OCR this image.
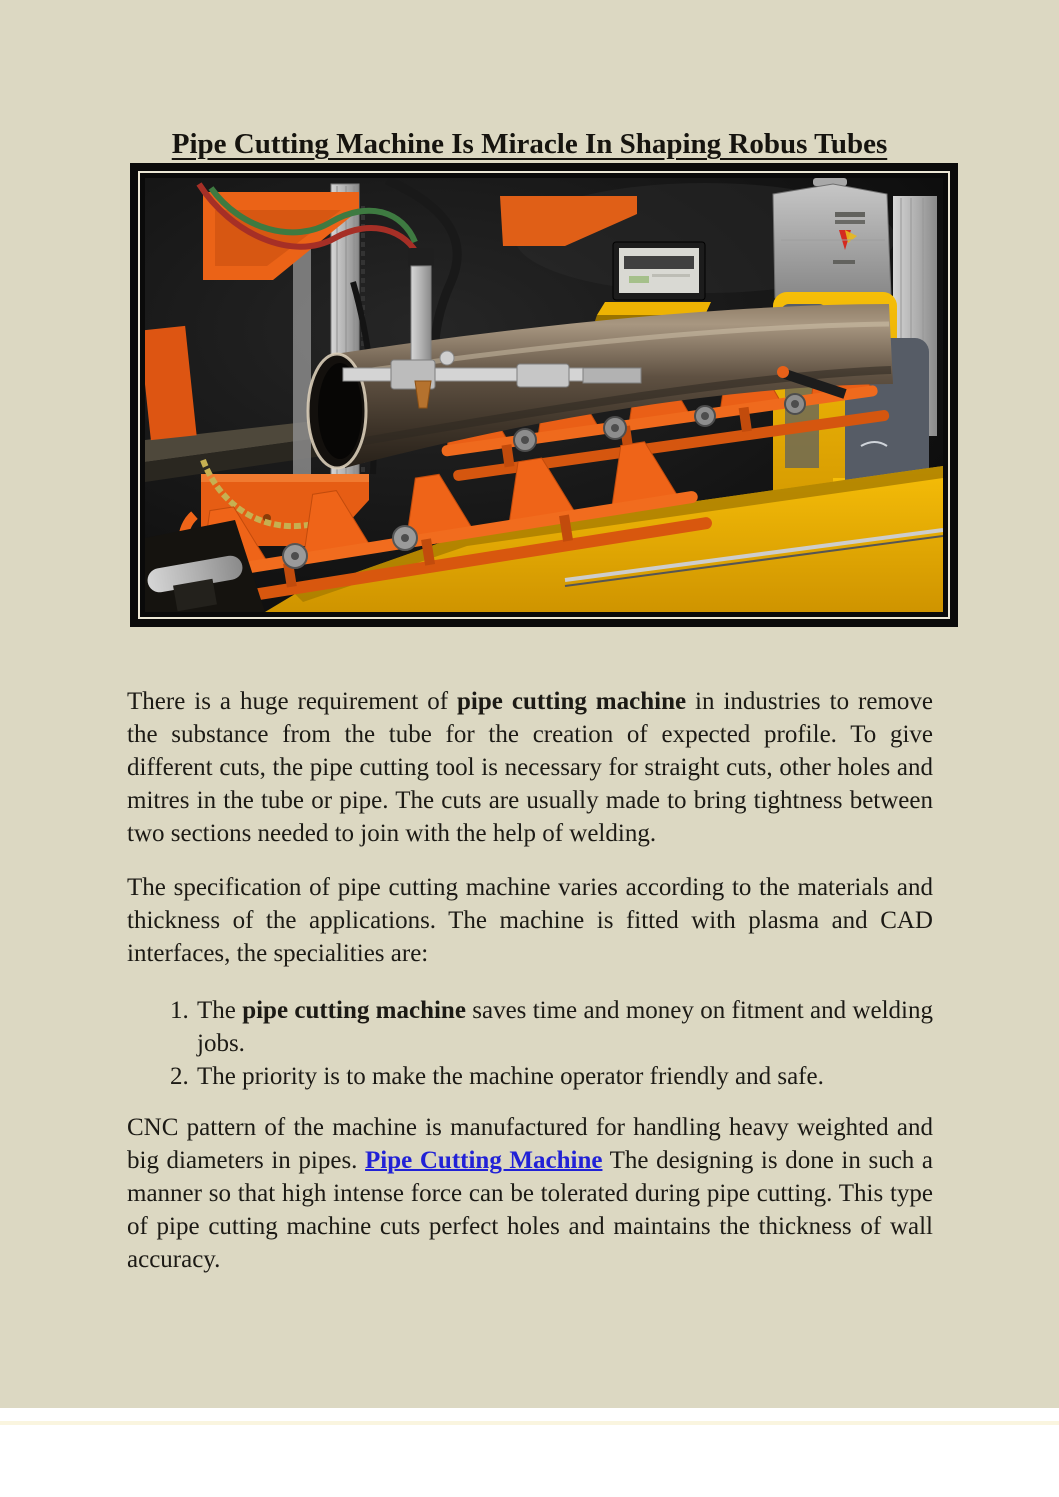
Pipe Cutting Machine Is Miracle In Shaping Robus Tubes

There is a huge requirement of pipe cutting machine in industries to remove the substance from the tube for the creation of expected profile. To give different cuts, the pipe cutting tool is necessary for straight cuts, other holes and mitres in the tube or pipe. The cuts are usually made to bring tightness between two sections needed to join with the help of welding.

The specification of pipe cutting machine varies according to the materials and thickness of the applications. The machine is fitted with plasma and CAD interfaces, the specialities are:

1. The pipe cutting machine saves time and money on fitment and welding jobs.
2. The priority is to make the machine operator friendly and safe.

CNC pattern of the machine is manufactured for handling heavy weighted and big diameters in pipes. Pipe Cutting Machine The designing is done in such a manner so that high intense force can be tolerated during pipe cutting. This type of pipe cutting machine cuts perfect holes and maintains the thickness of wall accuracy.
